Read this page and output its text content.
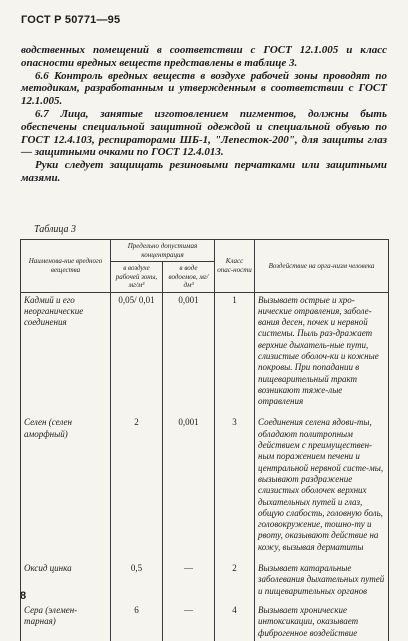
ГОСТ Р 50771—95

водственных помещений в соответствии с ГОСТ 12.1.005 и класс опасности вредных веществ представлены в таблице 3.

6.6 Контроль вредных веществ в воздухе рабочей зоны проводят по методикам, разработанным и утвержденным в соответствии с ГОСТ 12.1.005.

6.7 Лица, занятые изготовлением пигментов, должны быть обеспечены специальной защитной одеждой и специальной обувью по ГОСТ 12.4.103, респираторами ШБ-1, "Лепесток-200", для защиты глаз — защитными очками по ГОСТ 12.4.013.

Руки следует защищать резиновыми перчатками или защитными мазями.

Таблица 3
Наименова-ние вредного вещества	Предельно допустимая концентрация		Класс опас-ности	Воздействие на орга-низм человека
	в воздухе рабочей зоны, мг/м³	в воде водоемов, мг/дм³		
Кадмий и его неорганические соединения	0,05/ 0,01	0,001	1	Вызывает острые и хро-нические отравления, заболе-вания десен, почек и нервной системы. Пыль раз-дражает верхние дыхатель-ные пути, слизистые оболоч-ки и кожные покровы. При попадании в пищеварительный тракт возникают тяже-лые отравления
Селен (селен аморфный)	2	0,001	3	Соединения селена ядови-ты, обладают политропным действием с преимуществен-ным поражением печени и центральной нервной систе-мы, вызывают раздражение слизистых оболочек верхних дыхательных путей и глаз, общую слабость, головную боль, головокружение, тошно-ту и рвоту, оказывают действие на кожу, вызывая дерматиты
Оксид цинка	0,5	—	2	Вызывает катаральные заболевания дыхательных путей и пищеварительных органов
Сера (элемен-тарная)	6	—	4	Вызывает хронические интоксикации, оказывает фиброгенное воздействие
8
